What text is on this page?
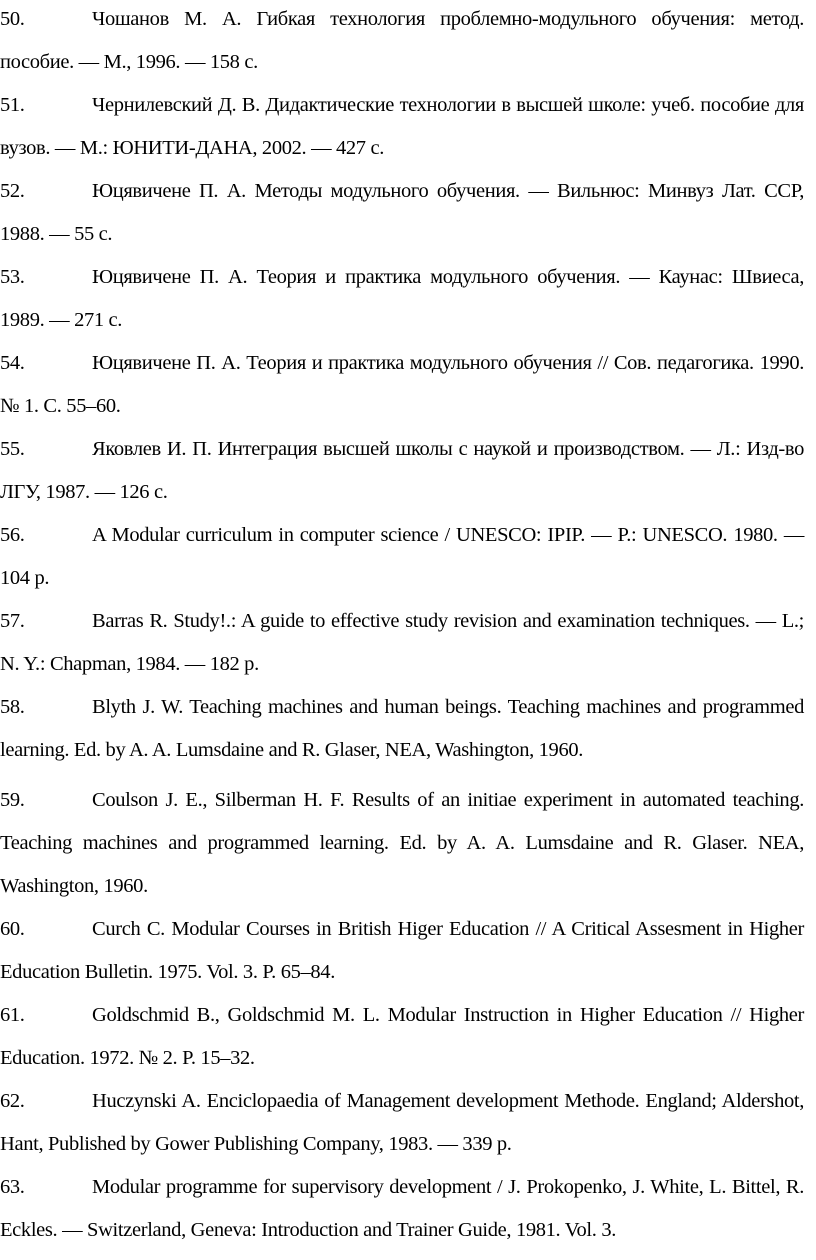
50.	Чошанов М. А. Гибкая технология проблемно-модульного обучения: метод. пособие. — М., 1996. — 158 с.
51.	Чернилевский Д. В. Дидактические технологии в высшей школе: учеб. пособие для вузов. — М.: ЮНИТИ-ДАНА, 2002. — 427 с.
52.	Юцявичене П. А. Методы модульного обучения. — Вильнюс: Минвуз Лат. ССР, 1988. — 55 с.
53.	Юцявичене П. А. Теория и практика модульного обучения. — Каунас: Швиеса, 1989. — 271 с.
54.	Юцявичене П. А. Теория и практика модульного обучения // Сов. педагогика. 1990. № 1. С. 55–60.
55.	Яковлев И. П. Интеграция высшей школы с наукой и производством. — Л.: Изд-во ЛГУ, 1987. — 126 с.
56.	A Modular curriculum in computer science / UNESCO: IPIP. — P.: UNESCO. 1980. — 104 p.
57.	Barras R. Study!.: A guide to effective study revision and examination techniques. — L.; N. Y.: Chapman, 1984. — 182 p.
58.	Blyth J. W. Teaching machines and human beings. Teaching machines and programmed learning. Ed. by A. A. Lumsdaine and R. Glaser, NEA, Washington, 1960.
59.	Coulson J. E., Silberman H. F. Results of an initiae experiment in automated teaching. Teaching machines and programmed learning. Ed. by A. A. Lumsdaine and R. Glaser. NEA, Washington, 1960.
60.	Curch C. Modular Courses in British Higer Education // A Critical Assesment in Higher Education Bulletin. 1975. Vol. 3. P. 65–84.
61.	Goldschmid B., Goldschmid M. L. Modular Instruction in Higher Education // Higher Education. 1972. № 2. P. 15–32.
62.	Huczynski A. Enciclopaedia of Management development Methode. England; Aldershot, Hant, Published by Gower Publishing Company, 1983. — 339 p.
63.	Modular programme for supervisory development / J. Prokopenko, J. White, L. Bittel, R. Eckles. — Switzerland, Geneva: Introduction and Trainer Guide, 1981. Vol. 3.
